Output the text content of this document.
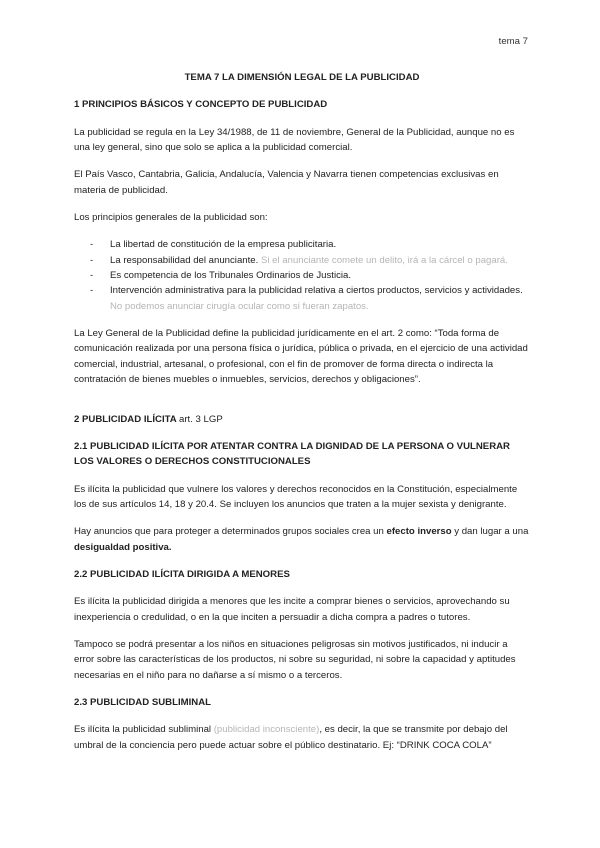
tema 7
TEMA 7 LA DIMENSIÓN LEGAL DE LA PUBLICIDAD
1 PRINCIPIOS BÁSICOS Y CONCEPTO DE PUBLICIDAD

La publicidad se regula en la Ley 34/1988, de 11 de noviembre, General de la Publicidad, aunque no es una ley general, sino que solo se aplica a la publicidad comercial.

El País Vasco, Cantabria, Galicia, Andalucía, Valencia y Navarra tienen competencias exclusivas en materia de publicidad.

Los principios generales de la publicidad son:

- La libertad de constitución de la empresa publicitaria.
- La responsabilidad del anunciante. Si el anunciante comete un delito, irá a la cárcel o pagará.
- Es competencia de los Tribunales Ordinarios de Justicia.
- Intervención administrativa para la publicidad relativa a ciertos productos, servicios y actividades. No podemos anunciar cirugía ocular como si fueran zapatos.

La Ley General de la Publicidad define la publicidad jurídicamente en el art. 2 como: “Toda forma de comunicación realizada por una persona física o jurídica, pública o privada, en el ejercicio de una actividad comercial, industrial, artesanal, o profesional, con el fin de promover de forma directa o indirecta la contratación de bienes muebles o inmuebles, servicios, derechos y obligaciones”.

2 PUBLICIDAD ILÍCITA art. 3 LGP
2.1 PUBLICIDAD ILÍCITA POR ATENTAR CONTRA LA DIGNIDAD DE LA PERSONA O VULNERAR LOS VALORES O DERECHOS CONSTITUCIONALES

Es ilícita la publicidad que vulnere los valores y derechos reconocidos en la Constitución, especialmente los de sus artículos 14, 18 y 20.4. Se incluyen los anuncios que traten a la mujer sexista y denigrante.

Hay anuncios que para proteger a determinados grupos sociales crea un efecto inverso y dan lugar a una desigualdad positiva.

2.2 PUBLICIDAD ILÍCITA DIRIGIDA A MENORES

Es ilícita la publicidad dirigida a menores que les incite a comprar bienes o servicios, aprovechando su inexperiencia o credulidad, o en la que inciten a persuadir a dicha compra a padres o tutores.

Tampoco se podrá presentar a los niños en situaciones peligrosas sin motivos justificados, ni inducir a error sobre las características de los productos, ni sobre su seguridad, ni sobre la capacidad y aptitudes necesarias en el niño para no dañarse a sí mismo o a terceros.

2.3 PUBLICIDAD SUBLIMINAL

Es ilícita la publicidad subliminal (publicidad inconsciente), es decir, la que se transmite por debajo del umbral de la conciencia pero puede actuar sobre el público destinatario. Ej: “DRINK COCA COLA”
